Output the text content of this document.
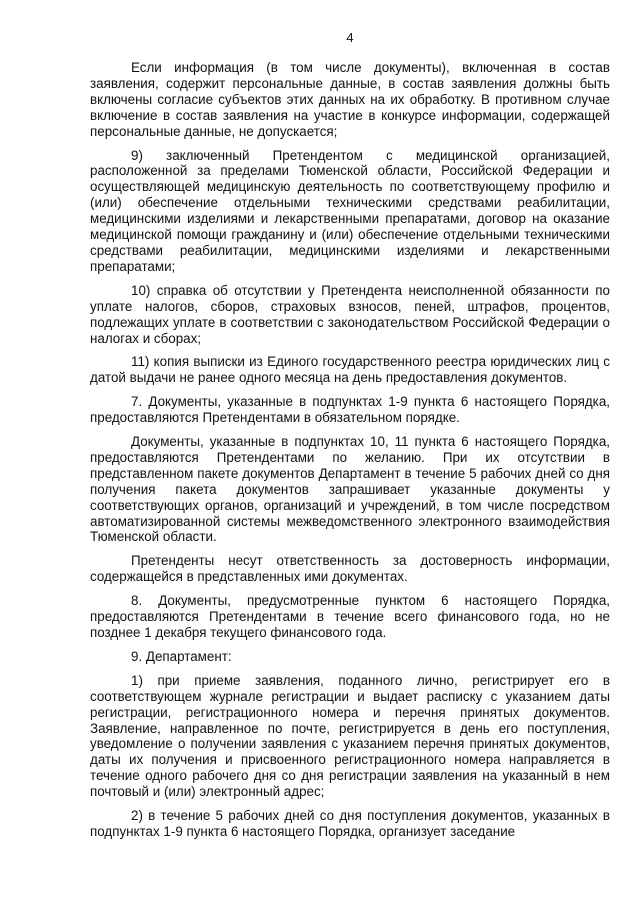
4

Если информация (в том числе документы), включенная в состав заявления, содержит персональные данные, в состав заявления должны быть включены согласие субъектов этих данных на их обработку. В противном случае включение в состав заявления на участие в конкурсе информации, содержащей персональные данные, не допускается;

9) заключенный Претендентом с медицинской организацией, расположенной за пределами Тюменской области, Российской Федерации и осуществляющей медицинскую деятельность по соответствующему профилю и (или) обеспечение отдельными техническими средствами реабилитации, медицинскими изделиями и лекарственными препаратами, договор на оказание медицинской помощи гражданину и (или) обеспечение отдельными техническими средствами реабилитации, медицинскими изделиями и лекарственными препаратами;

10) справка об отсутствии у Претендента неисполненной обязанности по уплате налогов, сборов, страховых взносов, пеней, штрафов, процентов, подлежащих уплате в соответствии с законодательством Российской Федерации о налогах и сборах;

11) копия выписки из Единого государственного реестра юридических лиц с датой выдачи не ранее одного месяца на день предоставления документов.

7. Документы, указанные в подпунктах 1-9 пункта 6 настоящего Порядка, предоставляются Претендентами в обязательном порядке.

Документы, указанные в подпунктах 10, 11 пункта 6 настоящего Порядка, предоставляются Претендентами по желанию. При их отсутствии в представленном пакете документов Департамент в течение 5 рабочих дней со дня получения пакета документов запрашивает указанные документы у соответствующих органов, организаций и учреждений, в том числе посредством автоматизированной системы межведомственного электронного взаимодействия Тюменской области.

Претенденты несут ответственность за достоверность информации, содержащейся в представленных ими документах.

8. Документы, предусмотренные пунктом 6 настоящего Порядка, предоставляются Претендентами в течение всего финансового года, но не позднее 1 декабря текущего финансового года.

9. Департамент:

1) при приеме заявления, поданного лично, регистрирует его в соответствующем журнале регистрации и выдает расписку с указанием даты регистрации, регистрационного номера и перечня принятых документов. Заявление, направленное по почте, регистрируется в день его поступления, уведомление о получении заявления с указанием перечня принятых документов, даты их получения и присвоенного регистрационного номера направляется в течение одного рабочего дня со дня регистрации заявления на указанный в нем почтовый и (или) электронный адрес;

2) в течение 5 рабочих дней со дня поступления документов, указанных в подпунктах 1-9 пункта 6 настоящего Порядка, организует заседание
